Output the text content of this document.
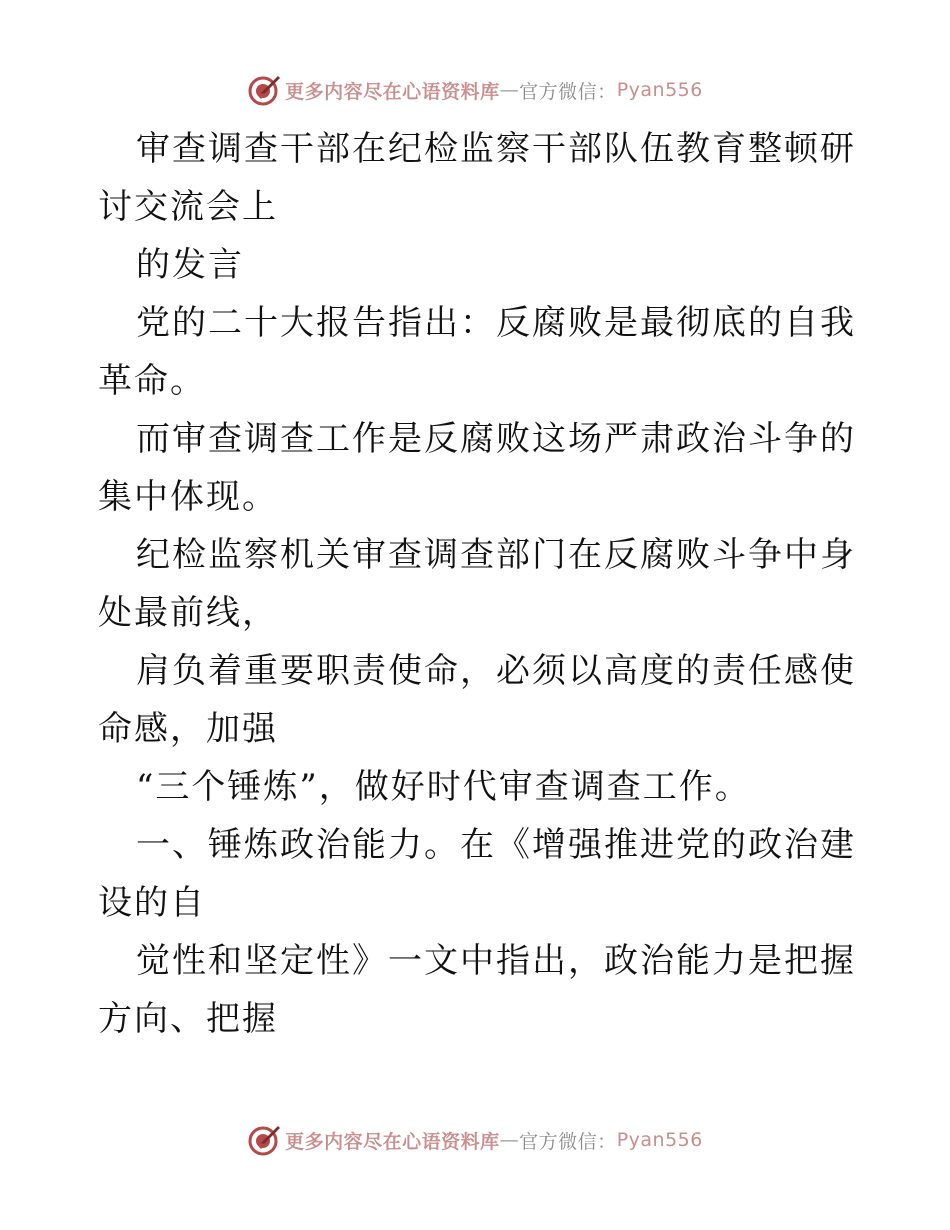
更多内容尽在心语资料库 — 官方微信： Pyan556

审查调查干部在纪检监察干部队伍教育整顿研讨交流会上

的发言

党的二十大报告指出：反腐败是最彻底的自我革命。

而审查调查工作是反腐败这场严肃政治斗争的集中体现。

纪检监察机关审查调查部门在反腐败斗争中身处最前线，

肩负着重要职责使命，必须以高度的责任感使命感，加强

“三个锤炼”，做好时代审查调查工作。

一、锤炼政治能力。在《增强推进党的政治建设的自

觉性和坚定性》一文中指出，政治能力是把握方向、把握

更多内容尽在心语资料库 — 官方微信： Pyan556
